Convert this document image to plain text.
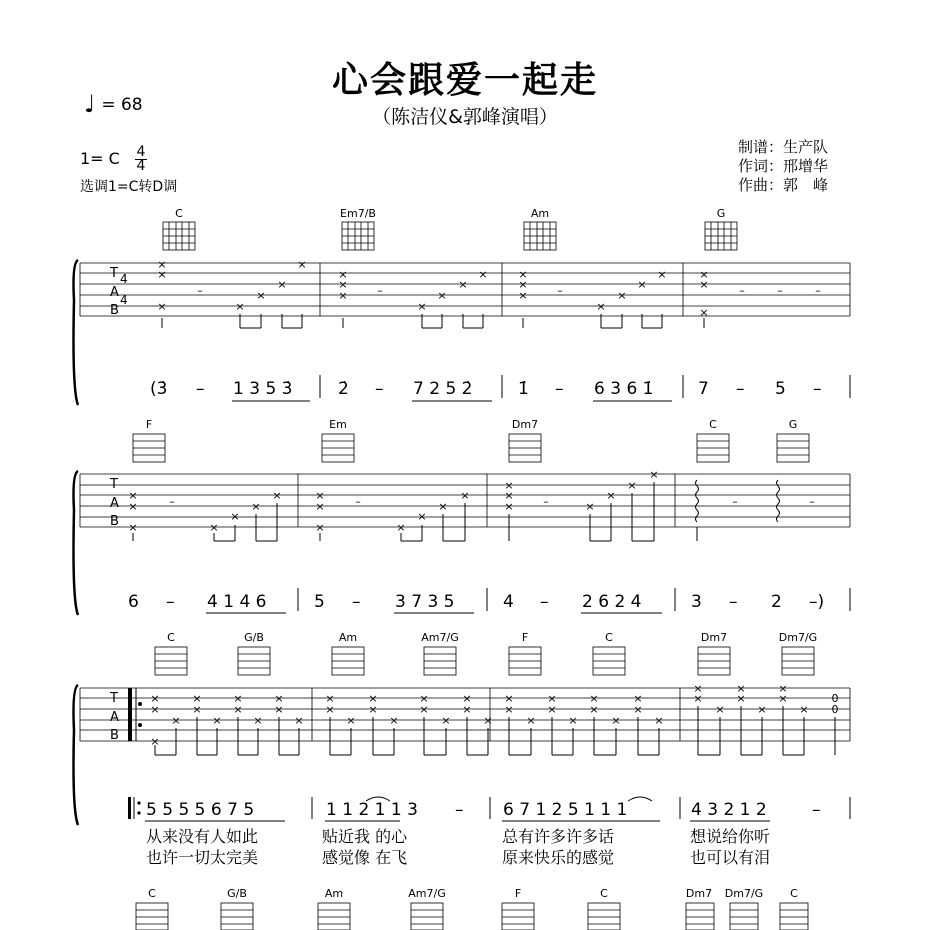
心会跟爱一起走
（陈洁仪&郭峰演唱）
♩ = 68
1= C $\frac{4}{4}$
选调1=C转D调
制谱：生产队
作词：邢增华
作曲：郭　峰
C	Em7/B	Am	G
T
A
B
4
4
×
×
×
–
×
×
×
×
×
×
×	–
×
×
×
×	×
×
×	–
×
×
×
×	×
×
×
–	–	–
(3̇ – 1 3 5 3̇	2̇ – 7 2 5 2̇	1̇ – 6 3 6 1̇	7 – 5 –
F	Em	Dm7	C	G
T
A
B
×
×
×
–
×
×
×
×	×
×
×
–
×
×
×
×
×
×
×	–	×
×
×
×
–	–
6 – 4 1 4 6	5 – 3 7 3 5	4 – 2 6 2 4	3 – 2 –)
C	G/B	Am	Am7/G	F	C	Dm7	Dm7/G
T
A
B
×
×
×
×
×
×
×
×
×
×
×
×
×
×
×
×
×
×
×
×
×
×
×
×
×
×
×
×
×
×
×
×
×
×
×
×
×
×
×
×
×
×
×
×
×
×
0
0
5 5 5 5 6 7 5	1 1 2 1 1 3 – 6 7 1 2 5 1 1 1	4 3 2 1 2	–
从来没有人如此	贴近我 的心	总有许多许多话	想说给你听
也许一切太完美	感觉像 在飞	原来快乐的感觉	也可以有泪
C	G/B	Am	Am7/G	F	C	Dm7 Dm7/G C
